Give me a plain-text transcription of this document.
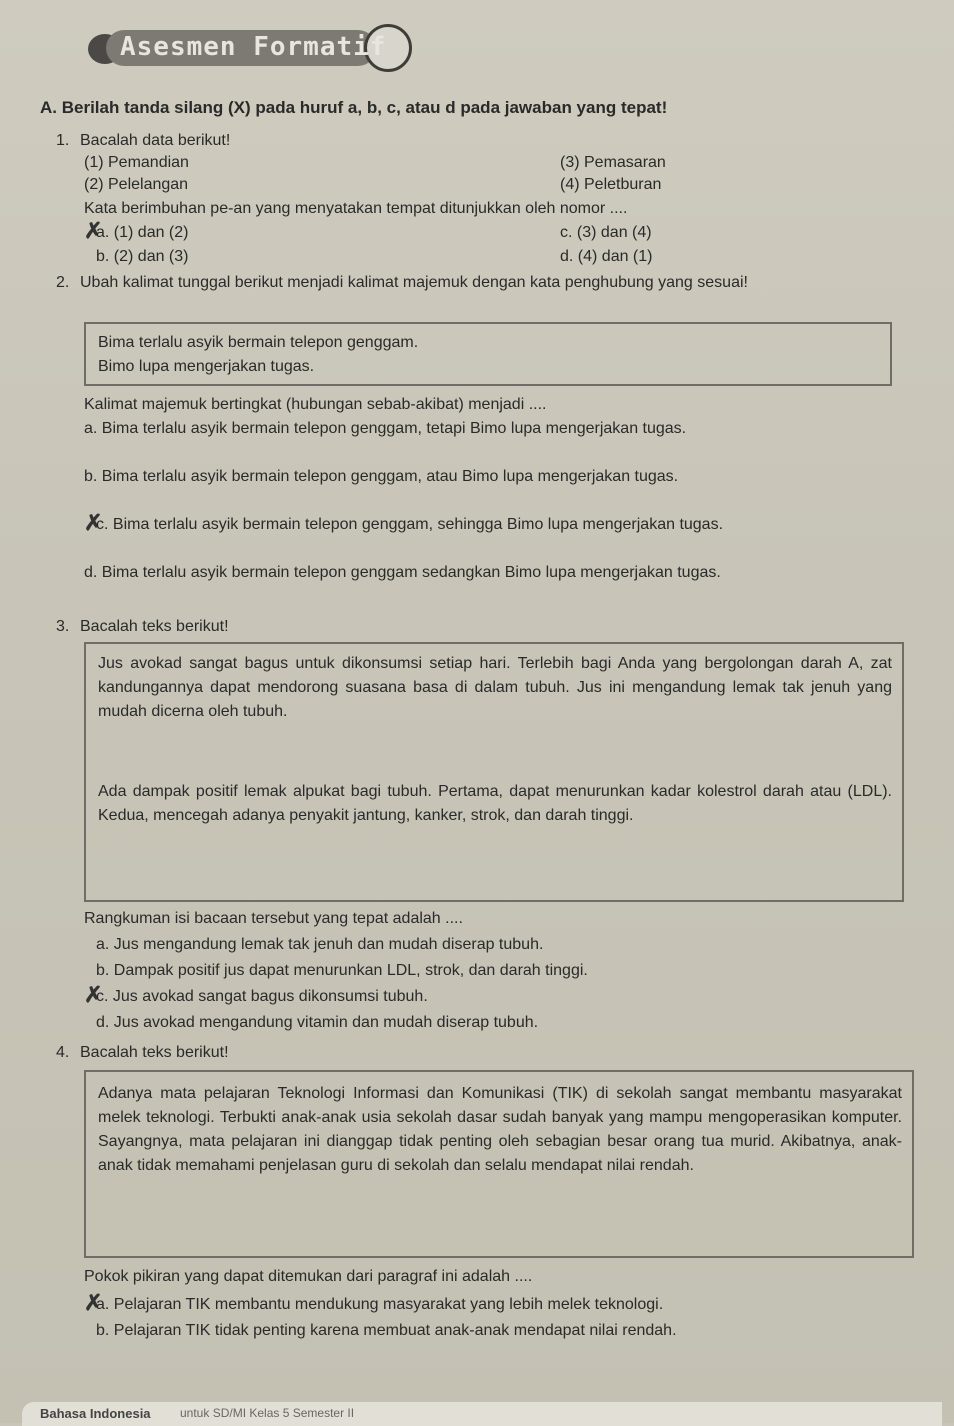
Asesmen Formatif
A. Berilah tanda silang (X) pada huruf a, b, c, atau d pada jawaban yang tepat!
1. Bacalah data berikut!
(1) Pemandian
(2) Pelelangan
(3) Pemasaran
(4) Peletburan
Kata berimbuhan pe-an yang menyatakan tempat ditunjukkan oleh nomor ....
✗
a. (1) dan (2)
b. (2) dan (3)
c. (3) dan (4)
d. (4) dan (1)
2. Ubah kalimat tunggal berikut menjadi kalimat majemuk dengan kata penghubung yang sesuai!
Bima terlalu asyik bermain telepon genggam.
Bimo lupa mengerjakan tugas.
Kalimat majemuk bertingkat (hubungan sebab-akibat) menjadi ....
a. Bima terlalu asyik bermain telepon genggam, tetapi Bimo lupa mengerjakan tugas.
b. Bima terlalu asyik bermain telepon genggam, atau Bimo lupa mengerjakan tugas.
✗
c. Bima terlalu asyik bermain telepon genggam, sehingga Bimo lupa mengerjakan tugas.
d. Bima terlalu asyik bermain telepon genggam sedangkan Bimo lupa mengerjakan tugas.
3. Bacalah teks berikut!
Jus avokad sangat bagus untuk dikonsumsi setiap hari. Terlebih bagi Anda yang bergolongan darah A, zat kandungannya dapat mendorong suasana basa di dalam tubuh. Jus ini mengandung lemak tak jenuh yang mudah dicerna oleh tubuh.
Ada dampak positif lemak alpukat bagi tubuh. Pertama, dapat menurunkan kadar kolestrol darah atau (LDL). Kedua, mencegah adanya penyakit jantung, kanker, strok, dan darah tinggi.
Rangkuman isi bacaan tersebut yang tepat adalah ....
a. Jus mengandung lemak tak jenuh dan mudah diserap tubuh.
b. Dampak positif jus dapat menurunkan LDL, strok, dan darah tinggi.
✗
c. Jus avokad sangat bagus dikonsumsi tubuh.
d. Jus avokad mengandung vitamin dan mudah diserap tubuh.
4. Bacalah teks berikut!
Adanya mata pelajaran Teknologi Informasi dan Komunikasi (TIK) di sekolah sangat membantu masyarakat melek teknologi. Terbukti anak-anak usia sekolah dasar sudah banyak yang mampu mengoperasikan komputer. Sayangnya, mata pelajaran ini dianggap tidak penting oleh sebagian besar orang tua murid. Akibatnya, anak-anak tidak memahami penjelasan guru di sekolah dan selalu mendapat nilai rendah.
Pokok pikiran yang dapat ditemukan dari paragraf ini adalah ....
✗
a. Pelajaran TIK membantu mendukung masyarakat yang lebih melek teknologi.
b. Pelajaran TIK tidak penting karena membuat anak-anak mendapat nilai rendah.
Bahasa Indonesia untuk SD/MI Kelas 5 Semester II
